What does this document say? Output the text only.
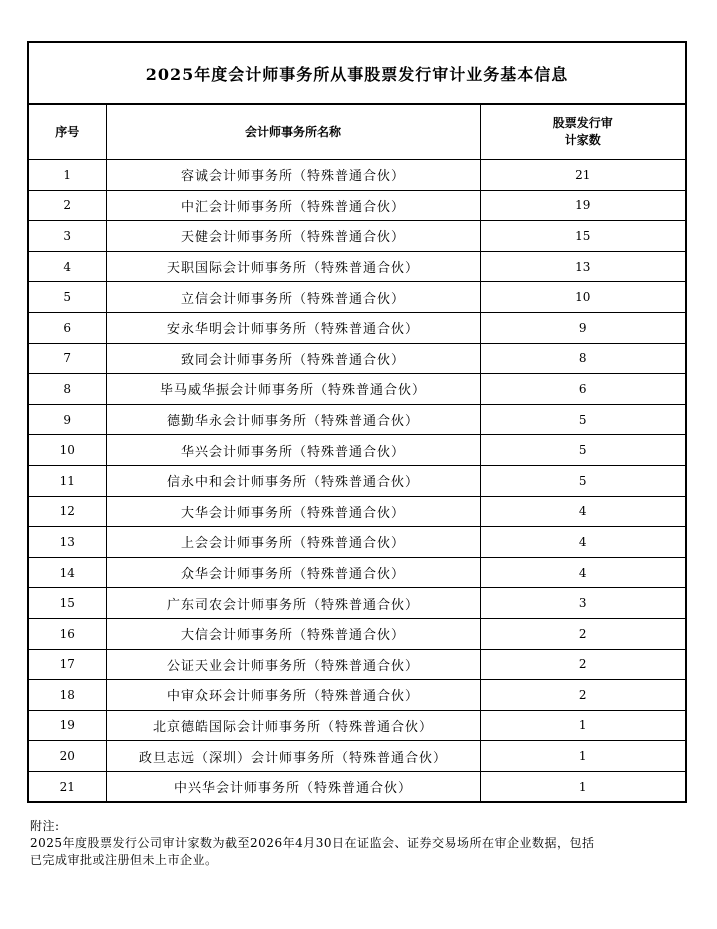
2025年度会计师事务所从事股票发行审计业务基本信息		
序号	会计师事务所名称	股票发行审计家数
1	容诚会计师事务所（特殊普通合伙）	21
2	中汇会计师事务所（特殊普通合伙）	19
3	天健会计师事务所（特殊普通合伙）	15
4	天职国际会计师事务所（特殊普通合伙）	13
5	立信会计师事务所（特殊普通合伙）	10
6	安永华明会计师事务所（特殊普通合伙）	9
7	致同会计师事务所（特殊普通合伙）	8
8	毕马威华振会计师事务所（特殊普通合伙）	6
9	德勤华永会计师事务所（特殊普通合伙）	5
10	华兴会计师事务所（特殊普通合伙）	5
11	信永中和会计师事务所（特殊普通合伙）	5
12	大华会计师事务所（特殊普通合伙）	4
13	上会会计师事务所（特殊普通合伙）	4
14	众华会计师事务所（特殊普通合伙）	4
15	广东司农会计师事务所（特殊普通合伙）	3
16	大信会计师事务所（特殊普通合伙）	2
17	公证天业会计师事务所（特殊普通合伙）	2
18	中审众环会计师事务所（特殊普通合伙）	2
19	北京德皓国际会计师事务所（特殊普通合伙）	1
20	政旦志远（深圳）会计师事务所（特殊普通合伙）	1
21	中兴华会计师事务所（特殊普通合伙）	1
附注:
2025年度股票发行公司审计家数为截至2026年4月30日在证监会、证券交易场所在审企业数据，包括
已完成审批或注册但未上市企业。
